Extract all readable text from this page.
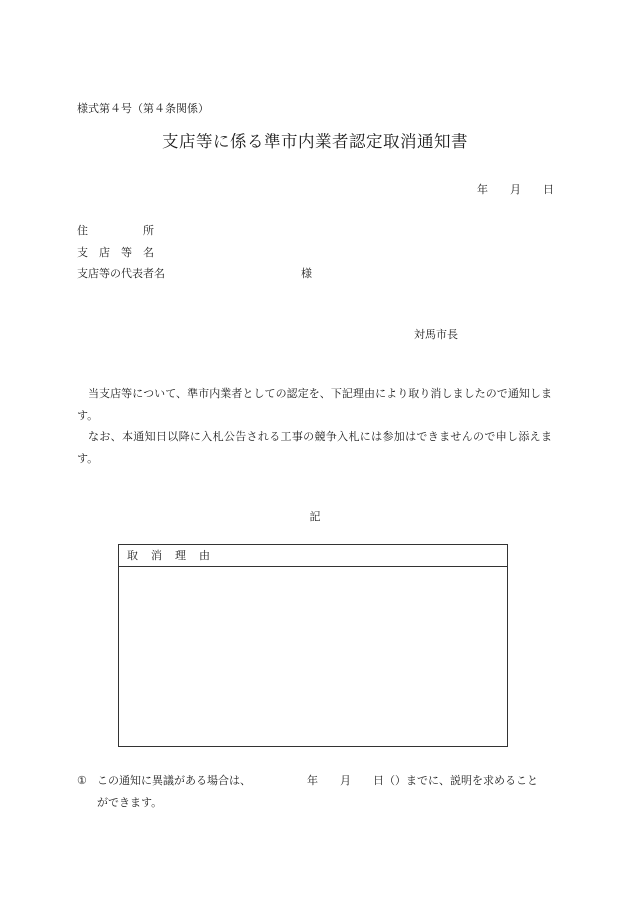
様式第４号（第４条関係）
支店等に係る準市内業者認定取消通知書
年 月 日
住　　　　　所
支　店　等　名
支店等の代表者名	様
対馬市長

当支店等について、準市内業者としての認定を、下記理由により取り消しましたので通知します。

なお、本通知日以降に入札公告される工事の競争入札には参加はできませんので申し添えます。

記
取消理由
① この通知に異議がある場合は、	年 月 日（）までに、説明を求めること
ができます。
